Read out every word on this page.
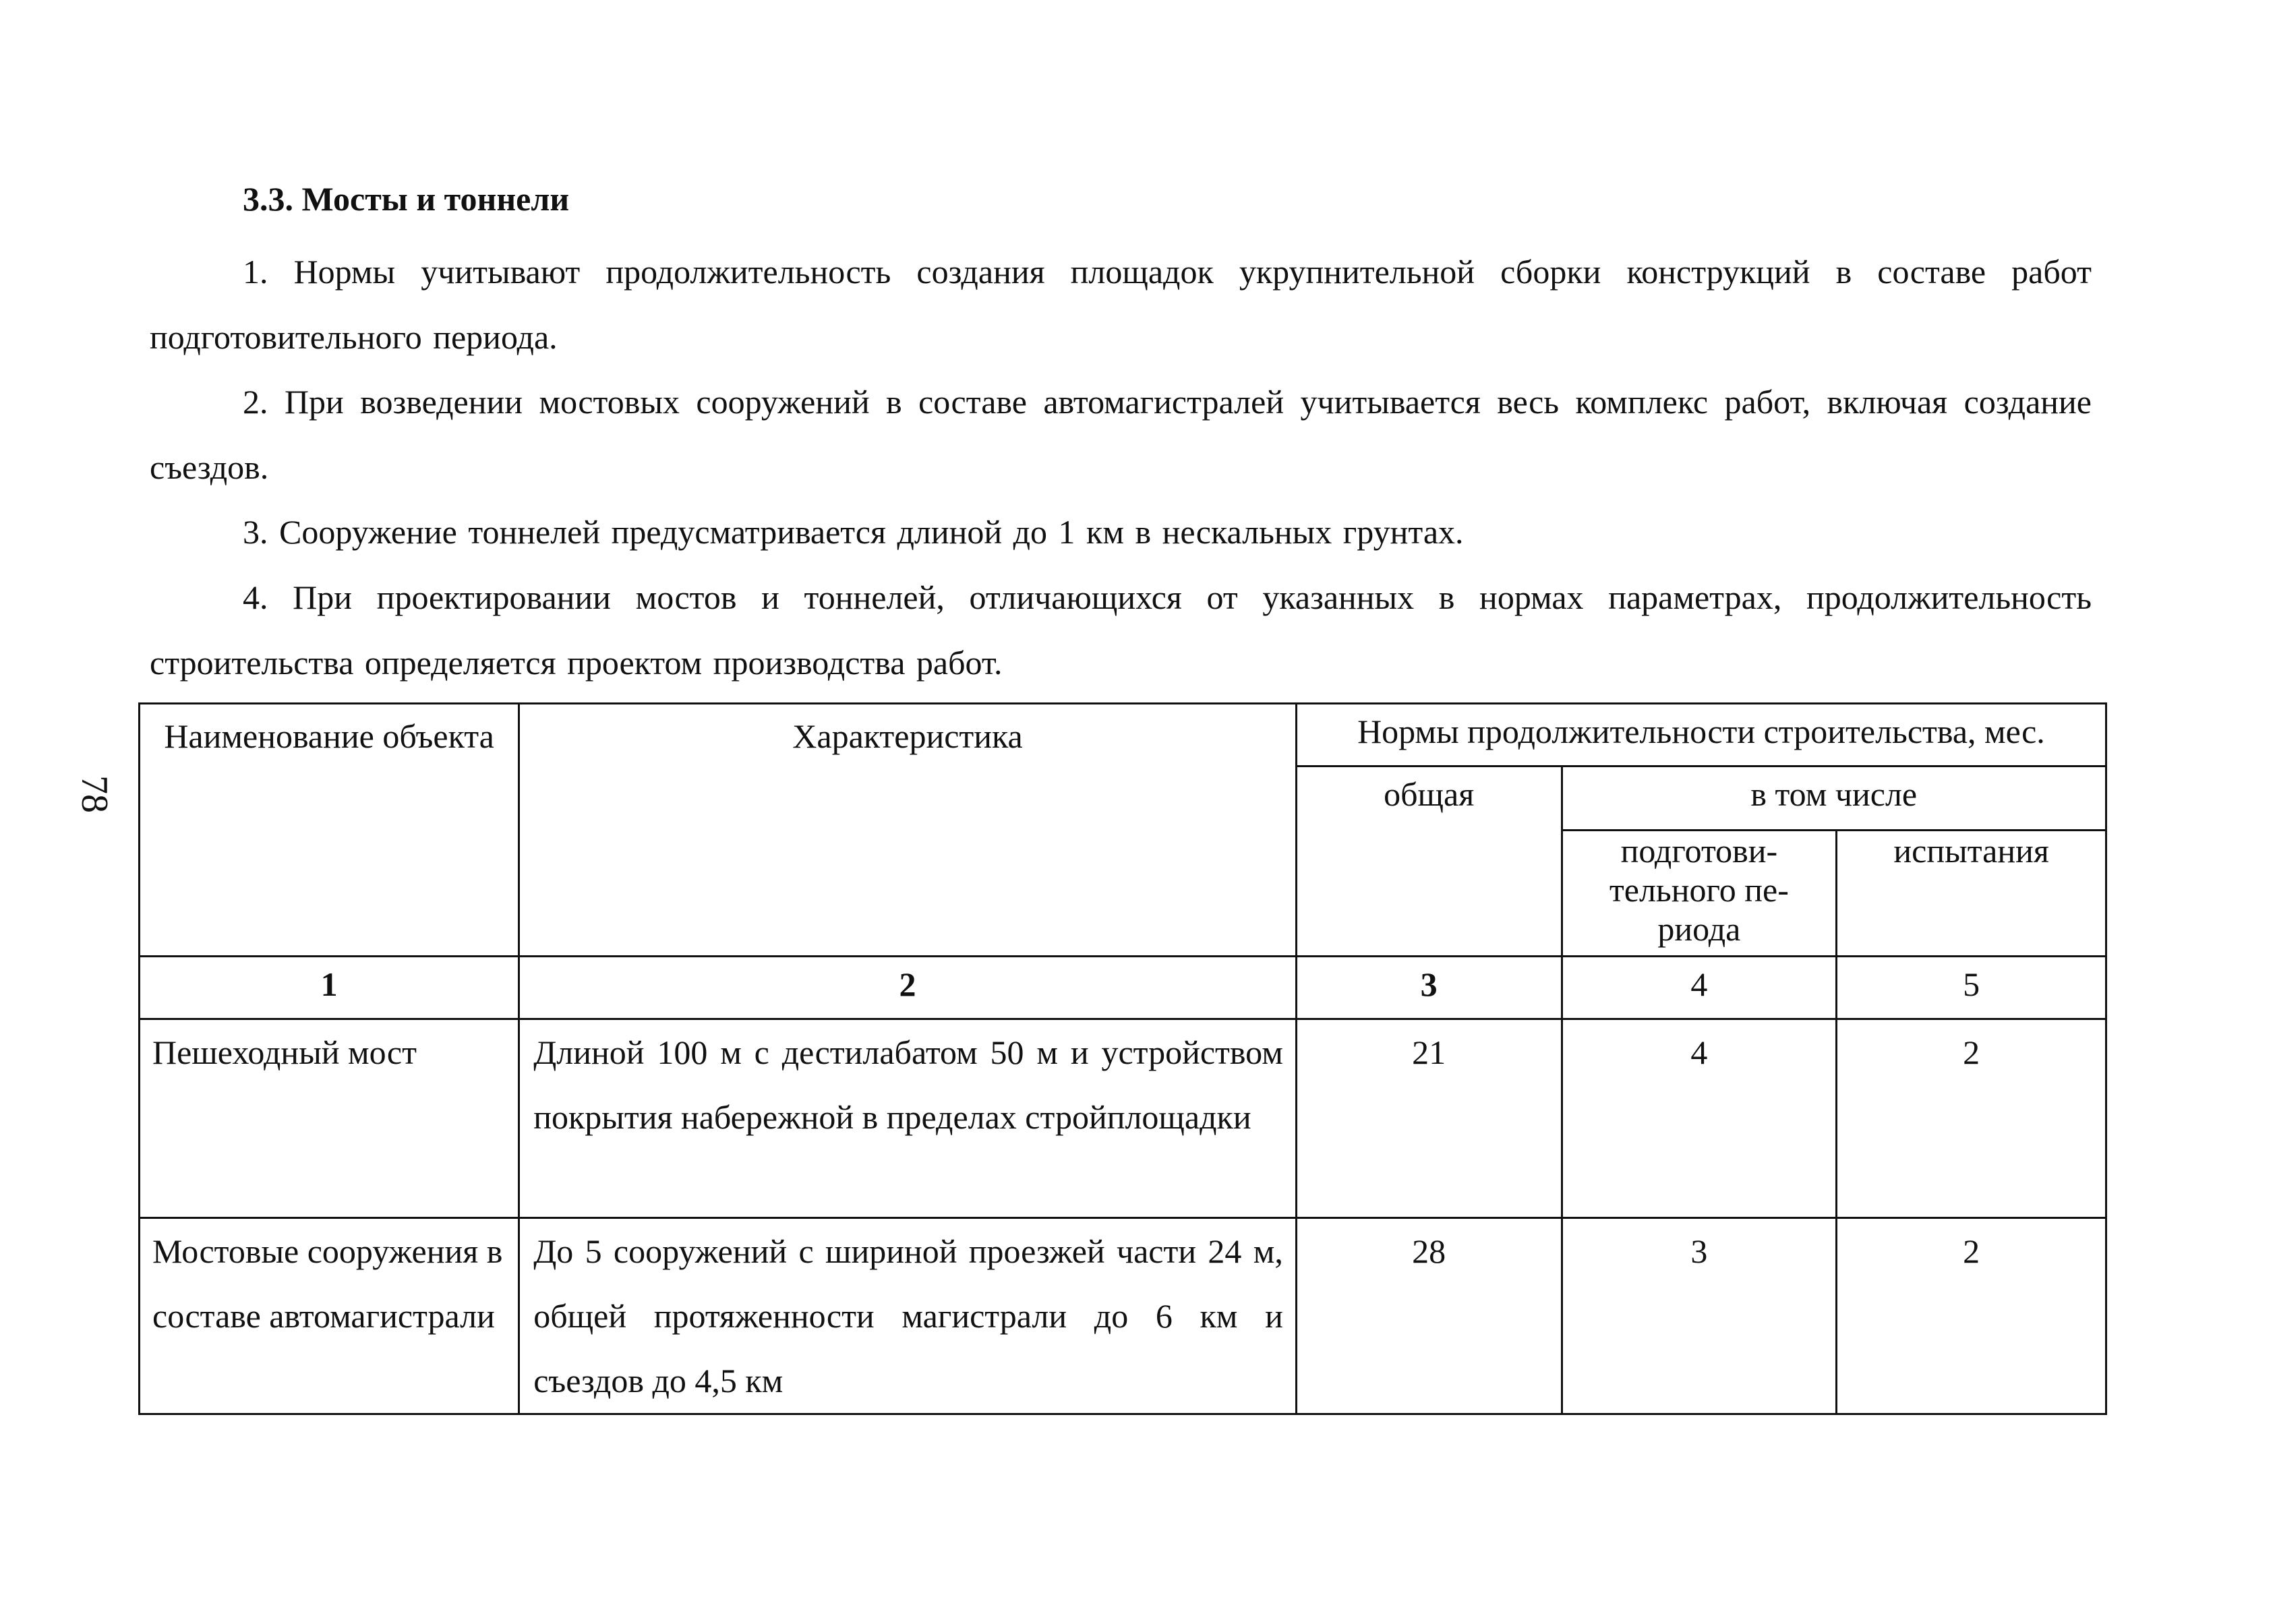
78
3.3. Мосты и тоннели

1. Нормы учитывают продолжительность создания площадок укрупнительной сборки конструкций в составе работ подготовительного периода.

2. При возведении мостовых сооружений в составе автомагистралей учитывается весь комплекс работ, включая создание съездов.

3. Сооружение тоннелей предусматривается длиной до 1 км в нескальных грунтах.

4. При проектировании мостов и тоннелей, отличающихся от указанных в нормах параметрах, продолжительность строительства определяется проектом производства работ.

Наименование объекта	Характеристика	Нормы продолжительности строительства, мес.		
		общая	в том числе	
			подготови-тельного пе-риода	испытания
1	2	3	4	5
Пешеходный мост	Длиной 100 м с дестилабатом 50 м и устройством покрытия набережной в пределах стройплощадки	21	4	2
Мостовые сооружения в составе автомагистрали	До 5 сооружений с шириной проезжей части 24 м, общей протяженности магистрали до 6 км и съездов до 4,5 км	28	3	2
